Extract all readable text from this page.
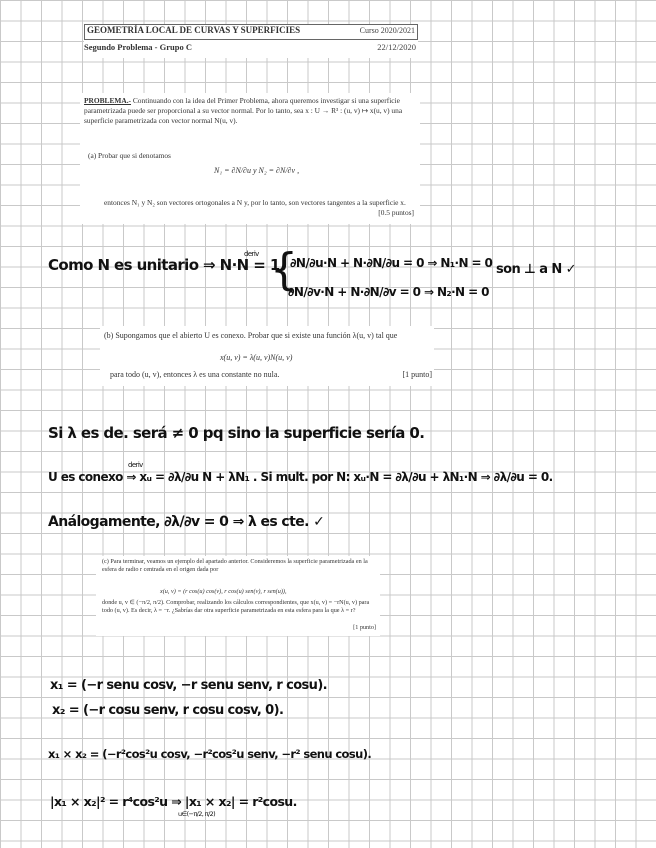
GEOMETRÍA LOCAL DE CURVAS Y SUPERFICIES	Curso 2020/2021
Segundo Problema - Grupo C	22/12/2020
PROBLEMA.- Continuando con la idea del Primer Problema, ahora queremos investigar si una superficie parametrizada puede ser proporcional a su vector normal. Por lo tanto, sea x : U → R³ : (u, v) ↦ x(u, v) una superficie parametrizada con vector normal N(u, v).
(a) Probar que si denotamos
N₁ = ∂N/∂u y N₂ = ∂N/∂v ,
entonces N₁ y N₂ son vectores ortogonales a N y, por lo tanto, son vectores tangentes a la superficie x.
[0.5 puntos]
Como N es unitario ⇒ N·N = 1
deriv {
∂N/∂u·N + N·∂N/∂u = 0 ⇒ N₁·N = 0
∂N/∂v·N + N·∂N/∂v = 0 ⇒ N₂·N = 0
son ⊥ a N ✓
(b) Supongamos que el abierto U es conexo. Probar que si existe una función λ(u, v) tal que
x(u, v) = λ(u, v)N(u, v)
para todo (u, v), entonces λ es una constante no nula.	[1 punto]
Si λ es de. será ≠ 0 pq sino la superficie sería 0.
deriv
U es conexo ⇒ xᵤ = ∂λ/∂u N + λN₁ . Si mult. por N: xᵤ·N = ∂λ/∂u + λN₁·N ⇒ ∂λ/∂u = 0.
Análogamente, ∂λ/∂v = 0 ⇒ λ es cte. ✓
(c) Para terminar, veamos un ejemplo del apartado anterior. Consideremos la superficie parametrizada en la esfera de radio r centrada en el origen dada por
x(u, v) = (r cos(u) cos(v), r cos(u) sen(v), r sen(u)),
donde u, v ∈ (−π/2, π/2). Comprobar, realizando los cálculos correspondientes, que x(u, v) = −rN(u, v) para todo (u, v). Es decir, λ = −r. ¿Sabrías dar otra superficie parametrizada en esta esfera para la que λ = r?
[1 punto]
x₁ = (−r senu cosv, −r senu senv, r cosu).
x₂ = (−r cosu senv, r cosu cosv, 0).
x₁ × x₂ = (−r²cos²u cosv, −r²cos²u senv, −r² senu cosu).
|x₁ × x₂|² = r⁴cos²u ⇒ |x₁ × x₂| = r²cosu.
u∈(−π/2, π/2)
